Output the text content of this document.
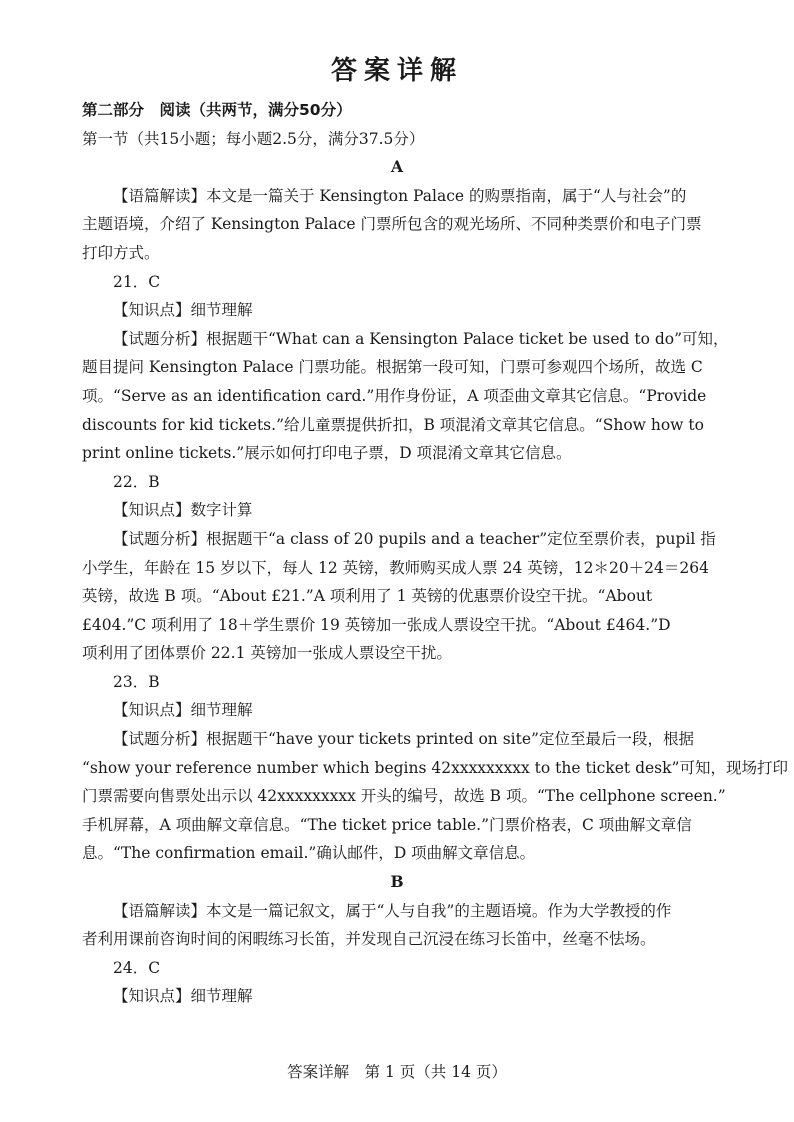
答案详解
第二部分　阅读（共两节，满分50分）
第一节（共15小题；每小题2.5分，满分37.5分）
A
【语篇解读】本文是一篇关于 Kensington Palace 的购票指南，属于“人与社会”的
主题语境，介绍了 Kensington Palace 门票所包含的观光场所、不同种类票价和电子门票
打印方式。
21．C
【知识点】细节理解
【试题分析】根据题干“What can a Kensington Palace ticket be used to do”可知，
题目提问 Kensington Palace 门票功能。根据第一段可知，门票可参观四个场所，故选 C
项。“Serve as an identification card.”用作身份证，A 项歪曲文章其它信息。“Provide
discounts for kid tickets.”给儿童票提供折扣，B 项混淆文章其它信息。“Show how to
print online tickets.”展示如何打印电子票，D 项混淆文章其它信息。
22．B
【知识点】数字计算
【试题分析】根据题干“a class of 20 pupils and a teacher”定位至票价表，pupil 指
小学生，年龄在 15 岁以下，每人 12 英镑，教师购买成人票 24 英镑，12＊20＋24＝264
英镑，故选 B 项。“About £21.”A 项利用了 1 英镑的优惠票价设空干扰。“About
£404.”C 项利用了 18＋学生票价 19 英镑加一张成人票设空干扰。“About £464.”D
项利用了团体票价 22.1 英镑加一张成人票设空干扰。
23．B
【知识点】细节理解
【试题分析】根据题干“have your tickets printed on site”定位至最后一段，根据
“show your reference number which begins 42xxxxxxxxx to the ticket desk”可知，现场打印
门票需要向售票处出示以 42xxxxxxxxx 开头的编号，故选 B 项。“The cellphone screen.”
手机屏幕，A 项曲解文章信息。“The ticket price table.”门票价格表，C 项曲解文章信
息。“The confirmation email.”确认邮件，D 项曲解文章信息。
B
【语篇解读】本文是一篇记叙文，属于“人与自我”的主题语境。作为大学教授的作
者利用课前咨询时间的闲暇练习长笛，并发现自己沉浸在练习长笛中，丝毫不怯场。
24．C
【知识点】细节理解
答案详解　第 1 页（共 14 页）
